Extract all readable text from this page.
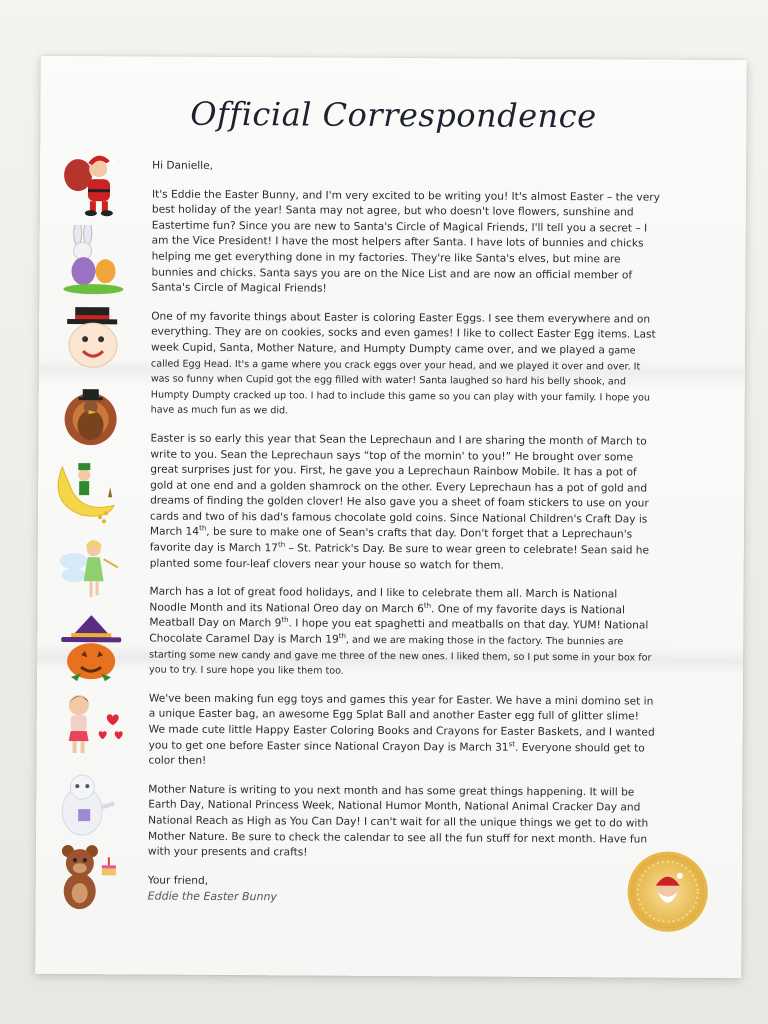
Official Correspondence

Hi Danielle,

It's Eddie the Easter Bunny, and I'm very excited to be writing you! It's almost Easter – the very best holiday of the year! Santa may not agree, but who doesn't love flowers, sunshine and Eastertime fun? Since you are new to Santa's Circle of Magical Friends, I'll tell you a secret – I am the Vice President! I have the most helpers after Santa. I have lots of bunnies and chicks helping me get everything done in my factories. They're like Santa's elves, but mine are bunnies and chicks. Santa says you are on the Nice List and are now an official member of Santa's Circle of Magical Friends!

One of my favorite things about Easter is coloring Easter Eggs. I see them everywhere and on everything. They are on cookies, socks and even games! I like to collect Easter Egg items. Last week Cupid, Santa, Mother Nature, and Humpty Dumpty came over, and we played a game called Egg Head. It's a game where you crack eggs over your head, and we played it over and over. It was so funny when Cupid got the egg filled with water! Santa laughed so hard his belly shook, and Humpty Dumpty cracked up too. I had to include this game so you can play with your family. I hope you have as much fun as we did.

Easter is so early this year that Sean the Leprechaun and I are sharing the month of March to write to you. Sean the Leprechaun says “top of the mornin' to you!” He brought over some great surprises just for you. First, he gave you a Leprechaun Rainbow Mobile. It has a pot of gold at one end and a golden shamrock on the other. Every Leprechaun has a pot of gold and dreams of finding the golden clover! He also gave you a sheet of foam stickers to use on your cards and two of his dad's famous chocolate gold coins. Since National Children's Craft Day is March 14th, be sure to make one of Sean's crafts that day. Don't forget that a Leprechaun's favorite day is March 17th – St. Patrick's Day. Be sure to wear green to celebrate! Sean said he planted some four-leaf clovers near your house so watch for them.

March has a lot of great food holidays, and I like to celebrate them all. March is National Noodle Month and its National Oreo day on March 6th. One of my favorite days is National Meatball Day on March 9th. I hope you eat spaghetti and meatballs on that day. YUM! National Chocolate Caramel Day is March 19th, and we are making those in the factory. The bunnies are starting some new candy and gave me three of the new ones. I liked them, so I put some in your box for you to try. I sure hope you like them too.

We've been making fun egg toys and games this year for Easter. We have a mini domino set in a unique Easter bag, an awesome Egg Splat Ball and another Easter egg full of glitter slime! We made cute little Happy Easter Coloring Books and Crayons for Easter Baskets, and I wanted you to get one before Easter since National Crayon Day is March 31st. Everyone should get to color then!

Mother Nature is writing to you next month and has some great things happening. It will be Earth Day, National Princess Week, National Humor Month, National Animal Cracker Day and National Reach as High as You Can Day! I can't wait for all the unique things we get to do with Mother Nature. Be sure to check the calendar to see all the fun stuff for next month. Have fun with your presents and crafts!

Your friend,
Eddie the Easter Bunny
